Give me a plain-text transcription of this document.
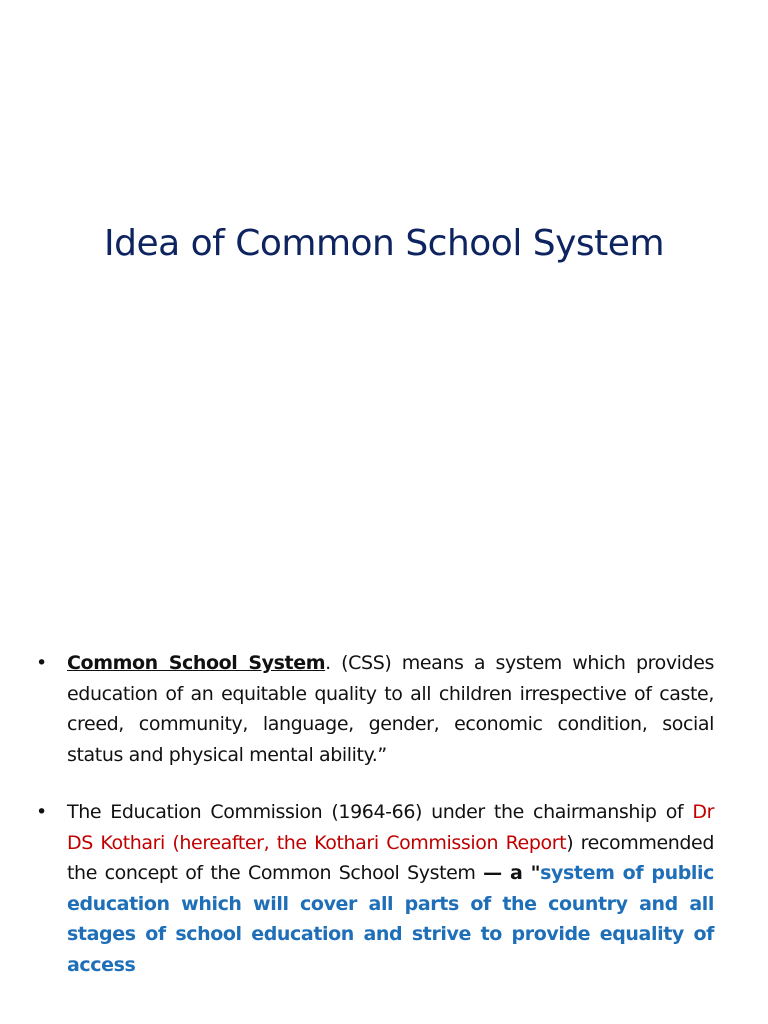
Idea of Common School System
• Common School System. (CSS) means a system which provides education of an equitable quality to all children irrespective of caste, creed, community, language, gender, economic condition, social status and physical mental ability.”
• The Education Commission (1964-66) under the chairmanship of Dr DS Kothari (hereafter, the Kothari Commission Report) recommended the concept of the Common School System — a "system of public education which will cover all parts of the country and all stages of school education and strive to provide equality of access
